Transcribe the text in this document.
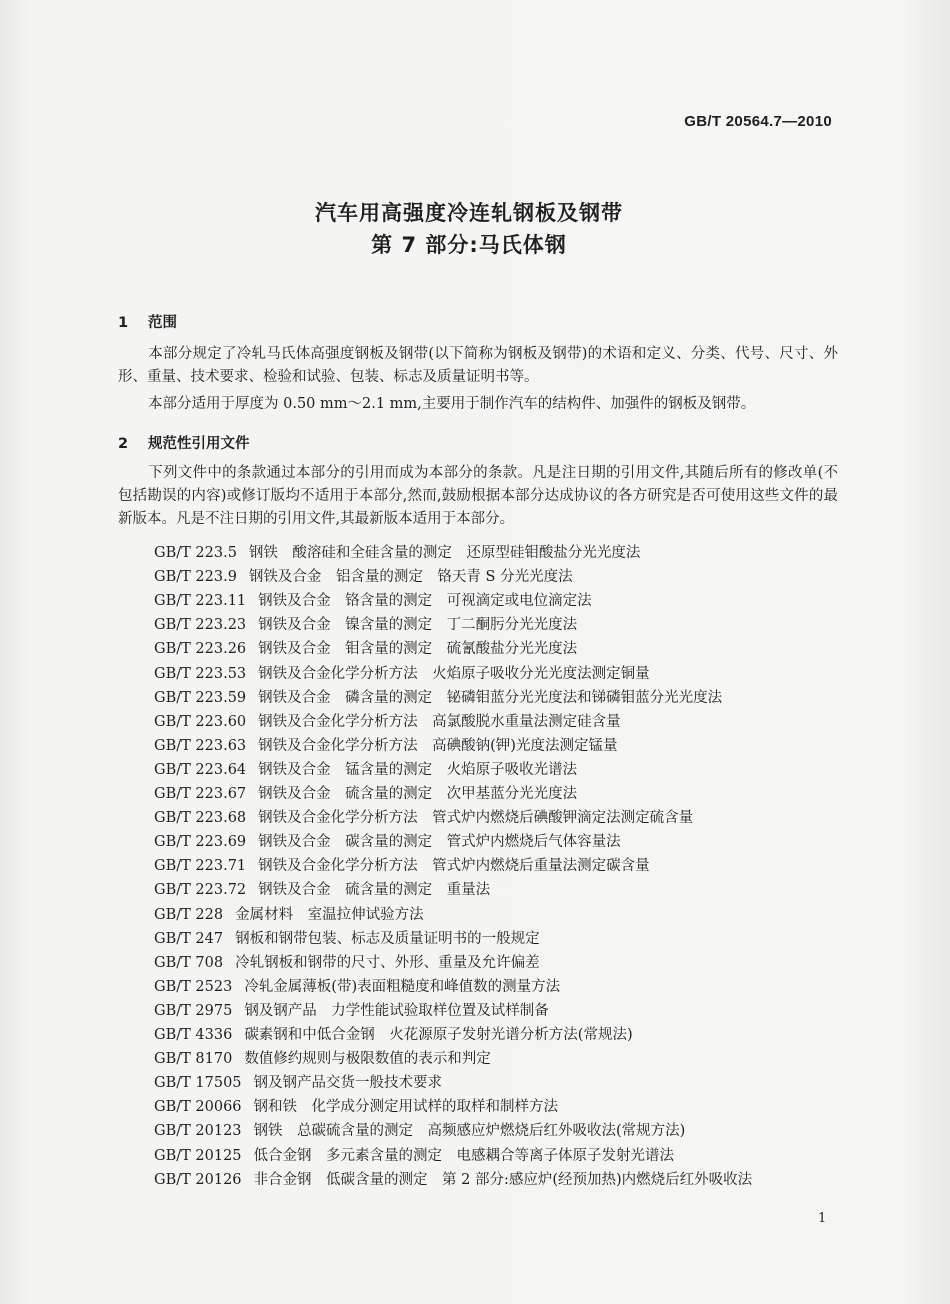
GB/T 20564.7—2010
汽车用高强度冷连轧钢板及钢带
第 7 部分:马氏体钢
1 范围
本部分规定了冷轧马氏体高强度钢板及钢带(以下简称为钢板及钢带)的术语和定义、分类、代号、尺寸、外形、重量、技术要求、检验和试验、包装、标志及质量证明书等。
本部分适用于厚度为 0.50 mm～2.1 mm,主要用于制作汽车的结构件、加强件的钢板及钢带。
2 规范性引用文件
下列文件中的条款通过本部分的引用而成为本部分的条款。凡是注日期的引用文件,其随后所有的修改单(不包括勘误的内容)或修订版均不适用于本部分,然而,鼓励根据本部分达成协议的各方研究是否可使用这些文件的最新版本。凡是不注日期的引用文件,其最新版本适用于本部分。
GB/T 223.5 钢铁　酸溶硅和全硅含量的测定　还原型硅钼酸盐分光光度法
GB/T 223.9 钢铁及合金　铝含量的测定　铬天青 S 分光光度法
GB/T 223.11 钢铁及合金　铬含量的测定　可视滴定或电位滴定法
GB/T 223.23 钢铁及合金　镍含量的测定　丁二酮肟分光光度法
GB/T 223.26 钢铁及合金　钼含量的测定　硫氰酸盐分光光度法
GB/T 223.53 钢铁及合金化学分析方法　火焰原子吸收分光光度法测定铜量
GB/T 223.59 钢铁及合金　磷含量的测定　铋磷钼蓝分光光度法和锑磷钼蓝分光光度法
GB/T 223.60 钢铁及合金化学分析方法　高氯酸脱水重量法测定硅含量
GB/T 223.63 钢铁及合金化学分析方法　高碘酸钠(钾)光度法测定锰量
GB/T 223.64 钢铁及合金　锰含量的测定　火焰原子吸收光谱法
GB/T 223.67 钢铁及合金　硫含量的测定　次甲基蓝分光光度法
GB/T 223.68 钢铁及合金化学分析方法　管式炉内燃烧后碘酸钾滴定法测定硫含量
GB/T 223.69 钢铁及合金　碳含量的测定　管式炉内燃烧后气体容量法
GB/T 223.71 钢铁及合金化学分析方法　管式炉内燃烧后重量法测定碳含量
GB/T 223.72 钢铁及合金　硫含量的测定　重量法
GB/T 228 金属材料　室温拉伸试验方法
GB/T 247 钢板和钢带包装、标志及质量证明书的一般规定
GB/T 708 冷轧钢板和钢带的尺寸、外形、重量及允许偏差
GB/T 2523 冷轧金属薄板(带)表面粗糙度和峰值数的测量方法
GB/T 2975 钢及钢产品　力学性能试验取样位置及试样制备
GB/T 4336 碳素钢和中低合金钢　火花源原子发射光谱分析方法(常规法)
GB/T 8170 数值修约规则与极限数值的表示和判定
GB/T 17505 钢及钢产品交货一般技术要求
GB/T 20066 钢和铁　化学成分测定用试样的取样和制样方法
GB/T 20123 钢铁　总碳硫含量的测定　高频感应炉燃烧后红外吸收法(常规方法)
GB/T 20125 低合金钢　多元素含量的测定　电感耦合等离子体原子发射光谱法
GB/T 20126 非合金钢　低碳含量的测定　第 2 部分:感应炉(经预加热)内燃烧后红外吸收法
1
